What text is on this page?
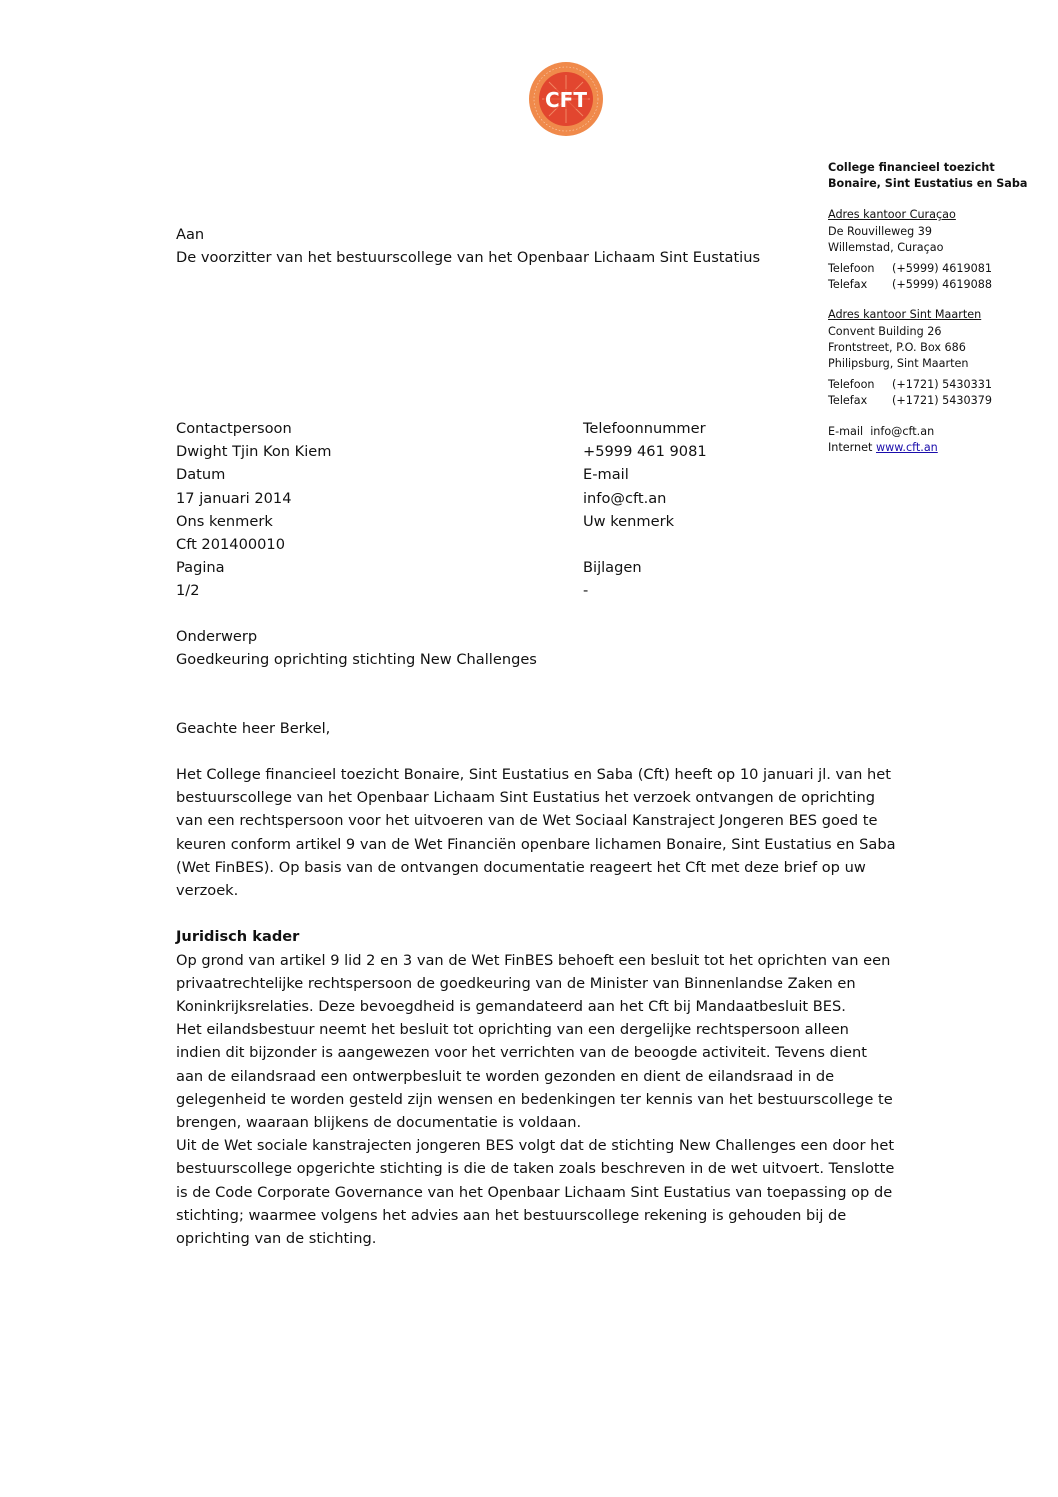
CFT
College financieel toezicht Bonaire, Sint Eustatius en Saba
Adres kantoor Curaçao
De Rouvilleweg 39
Willemstad, Curaçao
Telefoon	(+5999) 4619081
Telefax	(+5999) 4619088
Adres kantoor Sint Maarten
Convent Building 26
Frontstreet, P.O. Box 686
Philipsburg, Sint Maarten
Telefoon	(+1721) 5430331
Telefax	(+1721) 5430379
E-mail info@cft.an
Internet www.cft.an
Aan
De voorzitter van het bestuurscollege van het Openbaar Lichaam Sint Eustatius
Contactpersoon	Telefoonnummer
Dwight Tjin Kon Kiem	+5999 461 9081
Datum	E-mail
17 januari 2014	info@cft.an
Ons kenmerk	Uw kenmerk
Cft 201400010
Pagina	Bijlagen
1/2	-
Onderwerp
Goedkeuring oprichting stichting New Challenges
Geachte heer Berkel,

Het College financieel toezicht Bonaire, Sint Eustatius en Saba (Cft) heeft op 10 januari jl. van het bestuurscollege van het Openbaar Lichaam Sint Eustatius het verzoek ontvangen de oprichting van een rechtspersoon voor het uitvoeren van de Wet Sociaal Kanstraject Jongeren BES goed te keuren conform artikel 9 van de Wet Financiën openbare lichamen Bonaire, Sint Eustatius en Saba (Wet FinBES). Op basis van de ontvangen documentatie reageert het Cft met deze brief op uw verzoek.

Juridisch kader

Op grond van artikel 9 lid 2 en 3 van de Wet FinBES behoeft een besluit tot het oprichten van een privaatrechtelijke rechtspersoon de goedkeuring van de Minister van Binnenlandse Zaken en Koninkrijksrelaties. Deze bevoegdheid is gemandateerd aan het Cft bij Mandaatbesluit BES.

Het eilandsbestuur neemt het besluit tot oprichting van een dergelijke rechtspersoon alleen indien dit bijzonder is aangewezen voor het verrichten van de beoogde activiteit. Tevens dient aan de eilandsraad een ontwerpbesluit te worden gezonden en dient de eilandsraad in de gelegenheid te worden gesteld zijn wensen en bedenkingen ter kennis van het bestuurscollege te brengen, waaraan blijkens de documentatie is voldaan.

Uit de Wet sociale kanstrajecten jongeren BES volgt dat de stichting New Challenges een door het bestuurscollege opgerichte stichting is die de taken zoals beschreven in de wet uitvoert. Tenslotte is de Code Corporate Governance van het Openbaar Lichaam Sint Eustatius van toepassing op de stichting; waarmee volgens het advies aan het bestuurscollege rekening is gehouden bij de oprichting van de stichting.
